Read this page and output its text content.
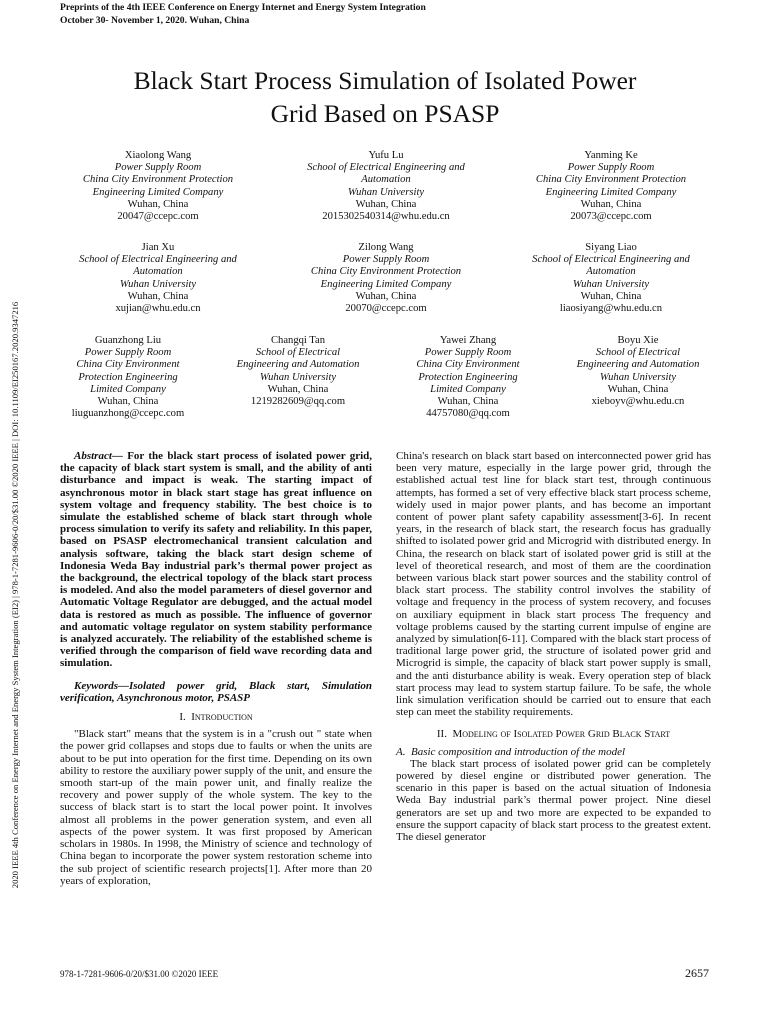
Preprints of the 4th IEEE Conference on Energy Internet and Energy System Integration
October 30- November 1, 2020. Wuhan, China
2020 IEEE 4th Conference on Energy Internet and Energy System Integration (EI2) | 978-1-7281-9606-0/20/$31.00 ©2020 IEEE | DOI: 10.1109/EI250167.2020.9347216
Black Start Process Simulation of Isolated Power
Grid Based on PSASP
Xiaolong Wang
Power Supply Room
China City Environment Protection
Engineering Limited Company
Wuhan, China
20047@ccepc.com
Yufu Lu
School of Electrical Engineering and
Automation
Wuhan University
Wuhan, China
2015302540314@whu.edu.cn
Yanming Ke
Power Supply Room
China City Environment Protection
Engineering Limited Company
Wuhan, China
20073@ccepc.com
Jian Xu
School of Electrical Engineering and
Automation
Wuhan University
Wuhan, China
xujian@whu.edu.cn
Zilong Wang
Power Supply Room
China City Environment Protection
Engineering Limited Company
Wuhan, China
20070@ccepc.com
Siyang Liao
School of Electrical Engineering and
Automation
Wuhan University
Wuhan, China
liaosiyang@whu.edu.cn
Guanzhong Liu
Power Supply Room
China City Environment
Protection Engineering
Limited Company
Wuhan, China
liuguanzhong@ccepc.com
Changqi Tan
School of Electrical
Engineering and Automation
Wuhan University
Wuhan, China
1219282609@qq.com
Yawei Zhang
Power Supply Room
China City Environment
Protection Engineering
Limited Company
Wuhan, China
44757080@qq.com
Boyu Xie
School of Electrical
Engineering and Automation
Wuhan University
Wuhan, China
xieboyv@whu.edu.cn

Abstract— For the black start process of isolated power grid, the capacity of black start system is small, and the ability of anti disturbance and impact is weak. The starting impact of asynchronous motor in black start stage has great influence on system voltage and frequency stability. The best choice is to simulate the established scheme of black start through whole process simulation to verify its safety and reliability. In this paper, based on PSASP electromechanical transient calculation and analysis software, taking the black start design scheme of Indonesia Weda Bay industrial park’s thermal power project as the background, the electrical topology of the black start process is modeled. And also the model parameters of diesel governor and Automatic Voltage Regulator are debugged, and the actual model data is restored as much as possible. The influence of governor and automatic voltage regulator on system stability performance is analyzed accurately. The reliability of the established scheme is verified through the comparison of field wave recording data and simulation.

Keywords—Isolated power grid, Black start, Simulation verification, Asynchronous motor, PSASP

I. Introduction

"Black start" means that the system is in a "crush out " state when the power grid collapses and stops due to faults or when the units are about to be put into operation for the first time. Depending on its own ability to restore the auxiliary power supply of the unit, and ensure the smooth start-up of the main power unit, and finally realize the recovery and power supply of the whole system. The key to the success of black start is to start the local power point. It involves almost all problems in the power generation system, and even all aspects of the power system. It was first proposed by American scholars in 1980s. In 1998, the Ministry of science and technology of China began to incorporate the power system restoration scheme into the sub project of scientific research projects[1]. After more than 20 years of exploration,

China's research on black start based on interconnected power grid has been very mature, especially in the large power grid, through the established actual test line for black start test, through continuous attempts, has formed a set of very effective black start process scheme, widely used in major power plants, and has become an important content of power plant safety capability assessment[3-6]. In recent years, in the research of black start, the research focus has gradually shifted to isolated power grid and Microgrid with distributed energy. In China, the research on black start of isolated power grid is still at the level of theoretical research, and most of them are the coordination between various black start power sources and the stability control of black start process. The stability control involves the stability of voltage and frequency in the process of system recovery, and focuses on auxiliary equipment in black start process The frequency and voltage problems caused by the starting current impulse of engine are analyzed by simulation[6-11]. Compared with the black start process of traditional large power grid, the structure of isolated power grid and Microgrid is simple, the capacity of black start power supply is small, and the anti disturbance ability is weak. Every operation step of black start process may lead to system startup failure. To be safe, the whole link simulation verification should be carried out to ensure that each step can meet the stability requirements.

II. Modeling of Isolated Power Grid Black Start

A. Basic composition and introduction of the model

The black start process of isolated power grid can be completely powered by diesel engine or distributed power generation. The scenario in this paper is based on the actual situation of Indonesia Weda Bay industrial park’s thermal power project. Nine diesel generators are set up and two more are expected to be expanded to ensure the support capacity of black start process to the greatest extent. The diesel generator

978-1-7281-9606-0/20/$31.00 ©2020 IEEE	2657
